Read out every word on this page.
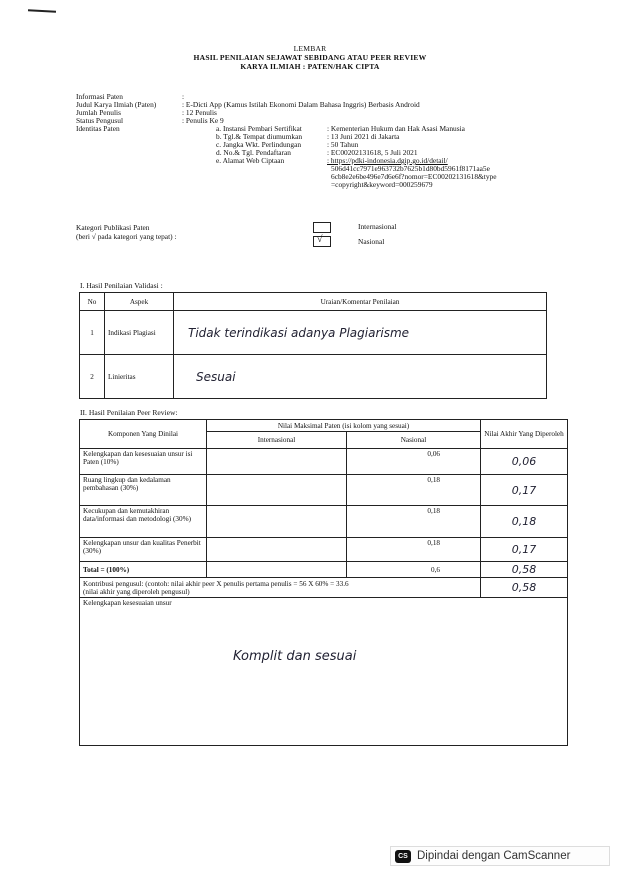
LEMBAR
HASIL PENILAIAN SEJAWAT SEBIDANG ATAU PEER REVIEW
KARYA ILMIAH : PATEN/HAK CIPTA
Informasi Paten	:
Judul Karya Ilmiah (Paten)	: E-Dicti App (Kamus Istilah Ekonomi Dalam Bahasa Inggris) Berbasis Android
Jumlah Penulis	: 12 Penulis
Status Pengusul	: Penulis Ke 9
Identitas Paten	a. Instansi Pembari Sertifikat	: Kementerian Hukum dan Hak Asasi Manusia
b. Tgl.& Tempat diumumkan	: 13 Juni 2021 di Jakarta
c. Jangka Wkt. Perlindungan	: 50 Tahun
d. No.& Tgl. Pendaftaran	: EC00202131618, 5 Juli 2021
e. Alamat Web Ciptaan	: https://pdki-indonesia.dgip.go.id/detail/
506d41cc7971e963732b7625b1d80bd5961f8171aa5e
6cb8e2e6be496e7d6e6f?nomor=EC00202131618&type
=copyright&keyword=000259679
Kategori Publikasi Paten
(beri √ pada kategori yang tepat) :
Internasional
√	Nasional
I. Hasil Penilaian Validasi :
No	Aspek	Uraian/Komentar Penilaian
1	Indikasi Plagiasi	Tidak terindikasi adanya Plagiarisme
2	Linieritas	Sesuai
II. Hasil Penilaian Peer Review:
Komponen Yang Dinilai	Nilai Maksimal Paten (isi kolom yang sesuai)		Nilai Akhir Yang Diperoleh
	Internasional	Nasional	
Kelengkapan dan kesesuaian unsur isi Paten (10%)		0,06	0,06
Ruang lingkup dan kedalaman pembahasan (30%)		0,18	0,17
Kecukupan dan kemutakhiran data/informasi dan metodologi (30%)		0,18	0,18
Kelengkapan unsur dan kualitas Penerbit (30%)		0,18	0,17
Total = (100%)		0,6	0,58

Kontribusi pengusul: (contoh: nilai akhir peer X penulis pertama penulis = 56 X 60% = 33.6
(nilai akhir yang diperoleh pengusul)			0,58

Kelengkapan kesesuaian unsur
Komplit dan sesuai			
CS Dipindai dengan CamScanner
